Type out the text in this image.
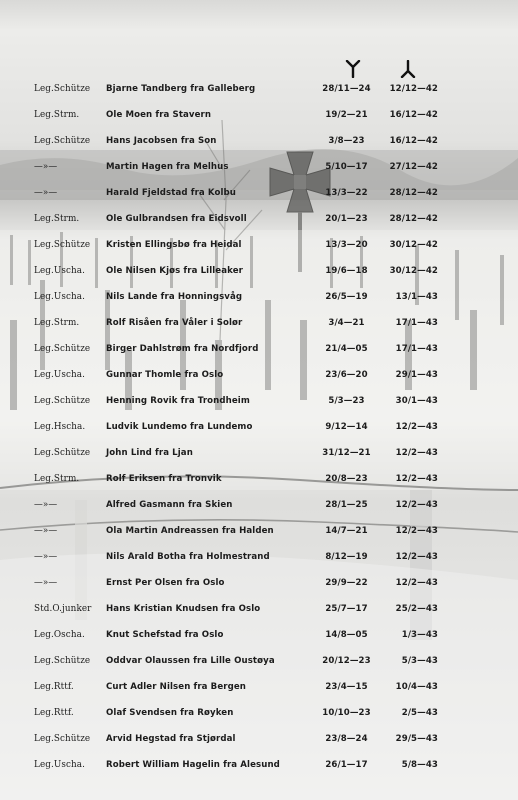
Leg.Schütze	Bjarne Tandberg fra Galleberg	28/11—24	12/12—42
Leg.Strm.	Ole Moen fra Stavern	19/2—21	16/12—42
Leg.Schütze	Hans Jacobsen fra Son	3/8—23	16/12—42
—»—	Martin Hagen fra Melhus	5/10—17	27/12—42
—»—	Harald Fjeldstad fra Kolbu	13/3—22	28/12—42
Leg.Strm.	Ole Gulbrandsen fra Eidsvoll	20/1—23	28/12—42
Leg.Schütze	Kristen Ellingsbø fra Heidal	13/3—20	30/12—42
Leg.Uscha.	Ole Nilsen Kjøs fra Lilleaker	19/6—18	30/12—42
Leg.Uscha.	Nils Lande fra Honningsvåg	26/5—19	13/1—43
Leg.Strm.	Rolf Risåen fra Våler i Solør	3/4—21	17/1—43
Leg.Schütze	Birger Dahlstrøm fra Nordfjord	21/4—05	17/1—43
Leg.Uscha.	Gunnar Thomle fra Oslo	23/6—20	29/1—43
Leg.Schütze	Henning Rovik fra Trondheim	5/3—23	30/1—43
Leg.Hscha.	Ludvik Lundemo fra Lundemo	9/12—14	12/2—43
Leg.Schütze	John Lind fra Ljan	31/12—21	12/2—43
Leg.Strm.	Rolf Eriksen fra Tronvik	20/8—23	12/2—43
—»—	Alfred Gasmann fra Skien	28/1—25	12/2—43
—»—	Ola Martin Andreassen fra Halden	14/7—21	12/2—43
—»—	Nils Arald Botha fra Holmestrand	8/12—19	12/2—43
—»—	Ernst Per Olsen fra Oslo	29/9—22	12/2—43
Std.O.junker	Hans Kristian Knudsen fra Oslo	25/7—17	25/2—43
Leg.Oscha.	Knut Schefstad fra Oslo	14/8—05	1/3—43
Leg.Schütze	Oddvar Olaussen fra Lille Oustøya	20/12—23	5/3—43
Leg.Rttf.	Curt Adler Nilsen fra Bergen	23/4—15	10/4—43
Leg.Rttf.	Olaf Svendsen fra Røyken	10/10—23	2/5—43
Leg.Schütze	Arvid Hegstad fra Stjørdal	23/8—24	29/5—43
Leg.Uscha.	Robert William Hagelin fra Alesund	26/1—17	5/8—43
